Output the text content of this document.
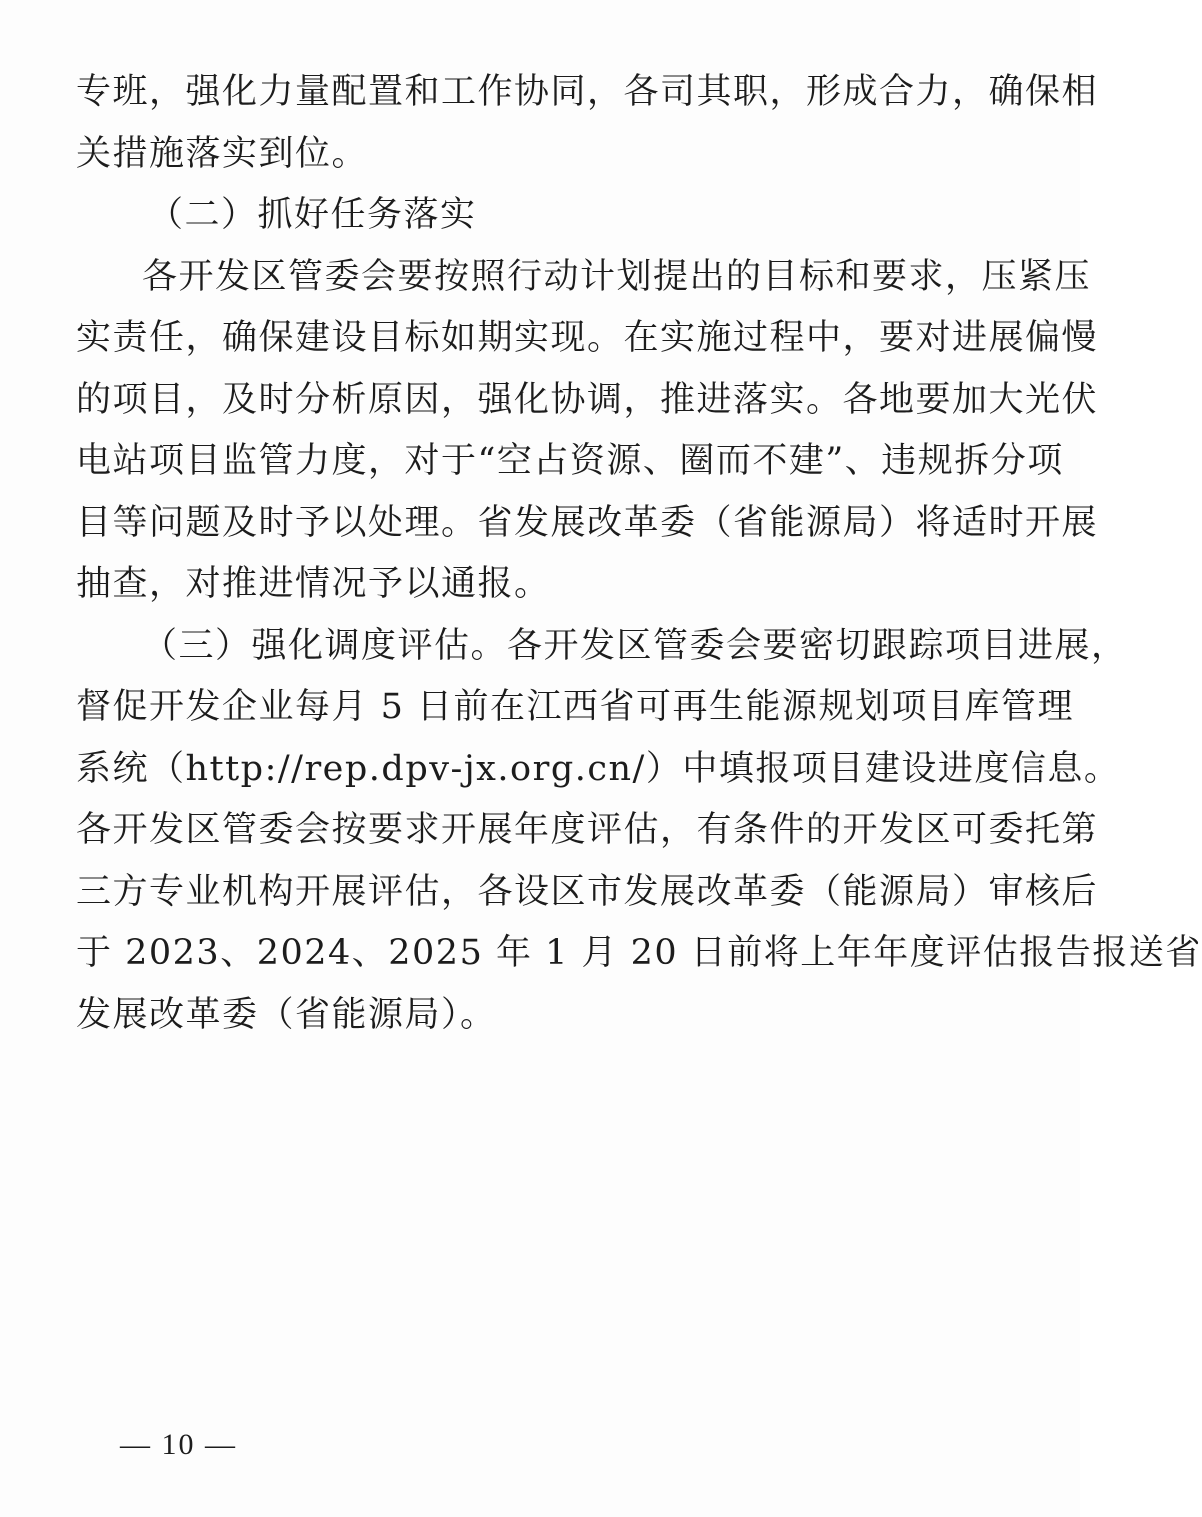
专班，强化力量配置和工作协同，各司其职，形成合力，确保相
关措施落实到位。
（二）抓好任务落实
各开发区管委会要按照行动计划提出的目标和要求，压紧压
实责任，确保建设目标如期实现。在实施过程中，要对进展偏慢
的项目，及时分析原因，强化协调，推进落实。各地要加大光伏
电站项目监管力度，对于“空占资源、圈而不建”、违规拆分项
目等问题及时予以处理。省发展改革委（省能源局）将适时开展
抽查，对推进情况予以通报。
（三）强化调度评估。各开发区管委会要密切跟踪项目进展，
督促开发企业每月 5 日前在江西省可再生能源规划项目库管理
系统（http://rep.dpv-jx.org.cn/）中填报项目建设进度信息。
各开发区管委会按要求开展年度评估，有条件的开发区可委托第
三方专业机构开展评估，各设区市发展改革委（能源局）审核后
于 2023、2024、2025 年 1 月 20 日前将上年年度评估报告报送省
发展改革委（省能源局）。
— 10 —
